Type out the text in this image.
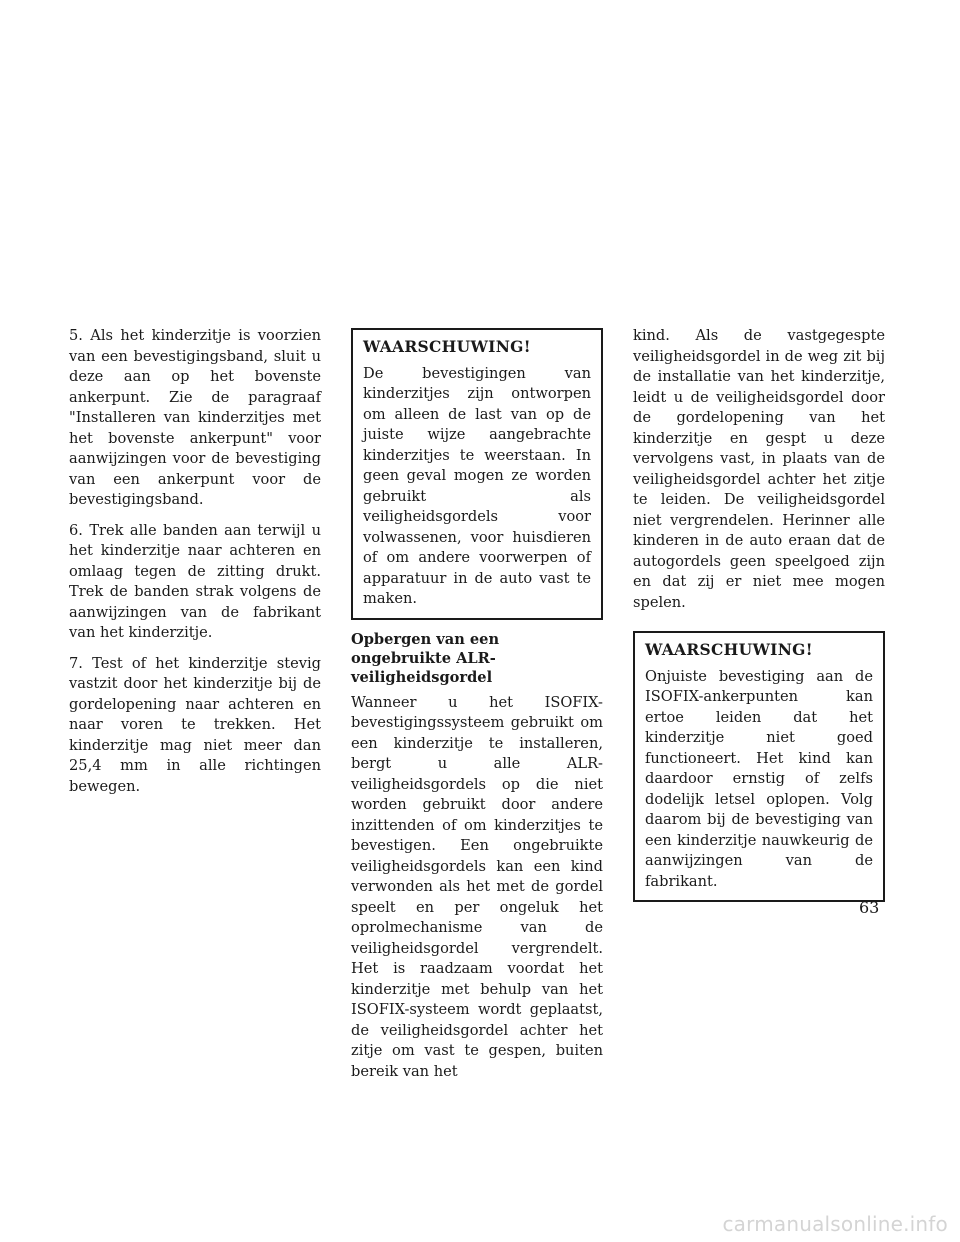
5. Als het kinderzitje is voorzien van een bevestigingsband, sluit u deze aan op het bovenste ankerpunt. Zie de paragraaf "Installeren van kinderzitjes met het bovenste ankerpunt" voor aanwijzingen voor de bevestiging van een ankerpunt voor de bevestigingsband.

6. Trek alle banden aan terwijl u het kinderzitje naar achteren en omlaag tegen de zitting drukt. Trek de banden strak volgens de aanwijzingen van de fabrikant van het kinderzitje.

7. Test of het kinderzitje stevig vastzit door het kinderzitje bij de gordelopening naar achteren en naar voren te trekken. Het kinderzitje mag niet meer dan 25,4 mm in alle richtingen bewegen.

WAARSCHUWING!

De bevestigingen van kinderzitjes zijn ontworpen om alleen de last van op de juiste wijze aangebrachte kinderzitjes te weerstaan. In geen geval mogen ze worden gebruikt als veiligheidsgordels voor volwassenen, voor huisdieren of om andere voorwerpen of apparatuur in de auto vast te maken.

Opbergen van een ongebruikte ALR-veiligheidsgordel

Wanneer u het ISOFIX-bevestigingssysteem gebruikt om een kinderzitje te installeren, bergt u alle ALR-veiligheidsgordels op die niet worden gebruikt door andere inzittenden of om kinderzitjes te bevestigen. Een ongebruikte veiligheidsgordels kan een kind verwonden als het met de gordel speelt en per ongeluk het oprolmechanisme van de veiligheidsgordel vergrendelt. Het is raadzaam voordat het kinderzitje met behulp van het ISOFIX-systeem wordt geplaatst, de veiligheidsgordel achter het zitje om vast te gespen, buiten bereik van het

kind. Als de vastgegespte veiligheidsgordel in de weg zit bij de installatie van het kinderzitje, leidt u de veiligheidsgordel door de gordelopening van het kinderzitje en gespt u deze vervolgens vast, in plaats van de veiligheidsgordel achter het zitje te leiden. De veiligheidsgordel niet vergrendelen. Herinner alle kinderen in de auto eraan dat de autogordels geen speelgoed zijn en dat zij er niet mee mogen spelen.

WAARSCHUWING!

Onjuiste bevestiging aan de ISOFIX-ankerpunten kan ertoe leiden dat het kinderzitje niet goed functioneert. Het kind kan daardoor ernstig of zelfs dodelijk letsel oplopen. Volg daarom bij de bevestiging van een kinderzitje nauwkeurig de aanwijzingen van de fabrikant.

63
carmanualsonline.info
